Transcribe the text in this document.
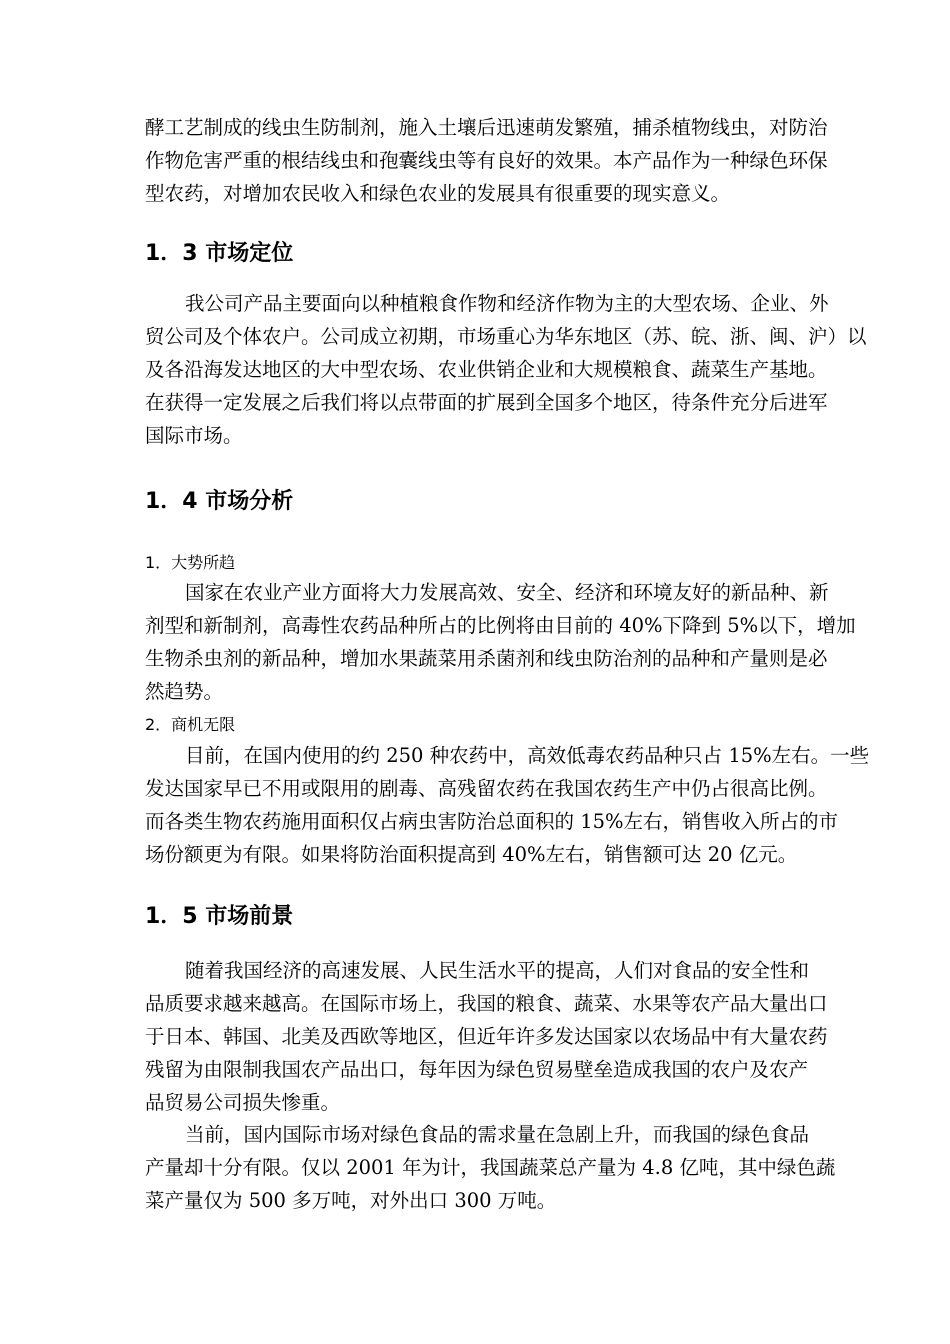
酵工艺制成的线虫生防制剂，施入土壤后迅速萌发繁殖，捕杀植物线虫，对防治
作物危害严重的根结线虫和孢囊线虫等有良好的效果。本产品作为一种绿色环保
型农药，对增加农民收入和绿色农业的发展具有很重要的现实意义。
1．3 市场定位
我公司产品主要面向以种植粮食作物和经济作物为主的大型农场、企业、外
贸公司及个体农户。公司成立初期，市场重心为华东地区（苏、皖、浙、闽、沪）以
及各沿海发达地区的大中型农场、农业供销企业和大规模粮食、蔬菜生产基地。
在获得一定发展之后我们将以点带面的扩展到全国多个地区，待条件充分后进军
国际市场。
1．4 市场分析
1．大势所趋
国家在农业产业方面将大力发展高效、安全、经济和环境友好的新品种、新
剂型和新制剂，高毒性农药品种所占的比例将由目前的 40%下降到 5%以下，增加
生物杀虫剂的新品种，增加水果蔬菜用杀菌剂和线虫防治剂的品种和产量则是必
然趋势。
2．商机无限
目前，在国内使用的约 250 种农药中，高效低毒农药品种只占 15%左右。一些
发达国家早已不用或限用的剧毒、高残留农药在我国农药生产中仍占很高比例。
而各类生物农药施用面积仅占病虫害防治总面积的 15%左右，销售收入所占的市
场份额更为有限。如果将防治面积提高到 40%左右，销售额可达 20 亿元。
1．5 市场前景
随着我国经济的高速发展、人民生活水平的提高，人们对食品的安全性和
品质要求越来越高。在国际市场上，我国的粮食、蔬菜、水果等农产品大量出口
于日本、韩国、北美及西欧等地区，但近年许多发达国家以农场品中有大量农药
残留为由限制我国农产品出口，每年因为绿色贸易壁垒造成我国的农户及农产
品贸易公司损失惨重。
当前，国内国际市场对绿色食品的需求量在急剧上升，而我国的绿色食品
产量却十分有限。仅以 2001 年为计，我国蔬菜总产量为 4.8 亿吨，其中绿色蔬
菜产量仅为 500 多万吨，对外出口 300 万吨。
